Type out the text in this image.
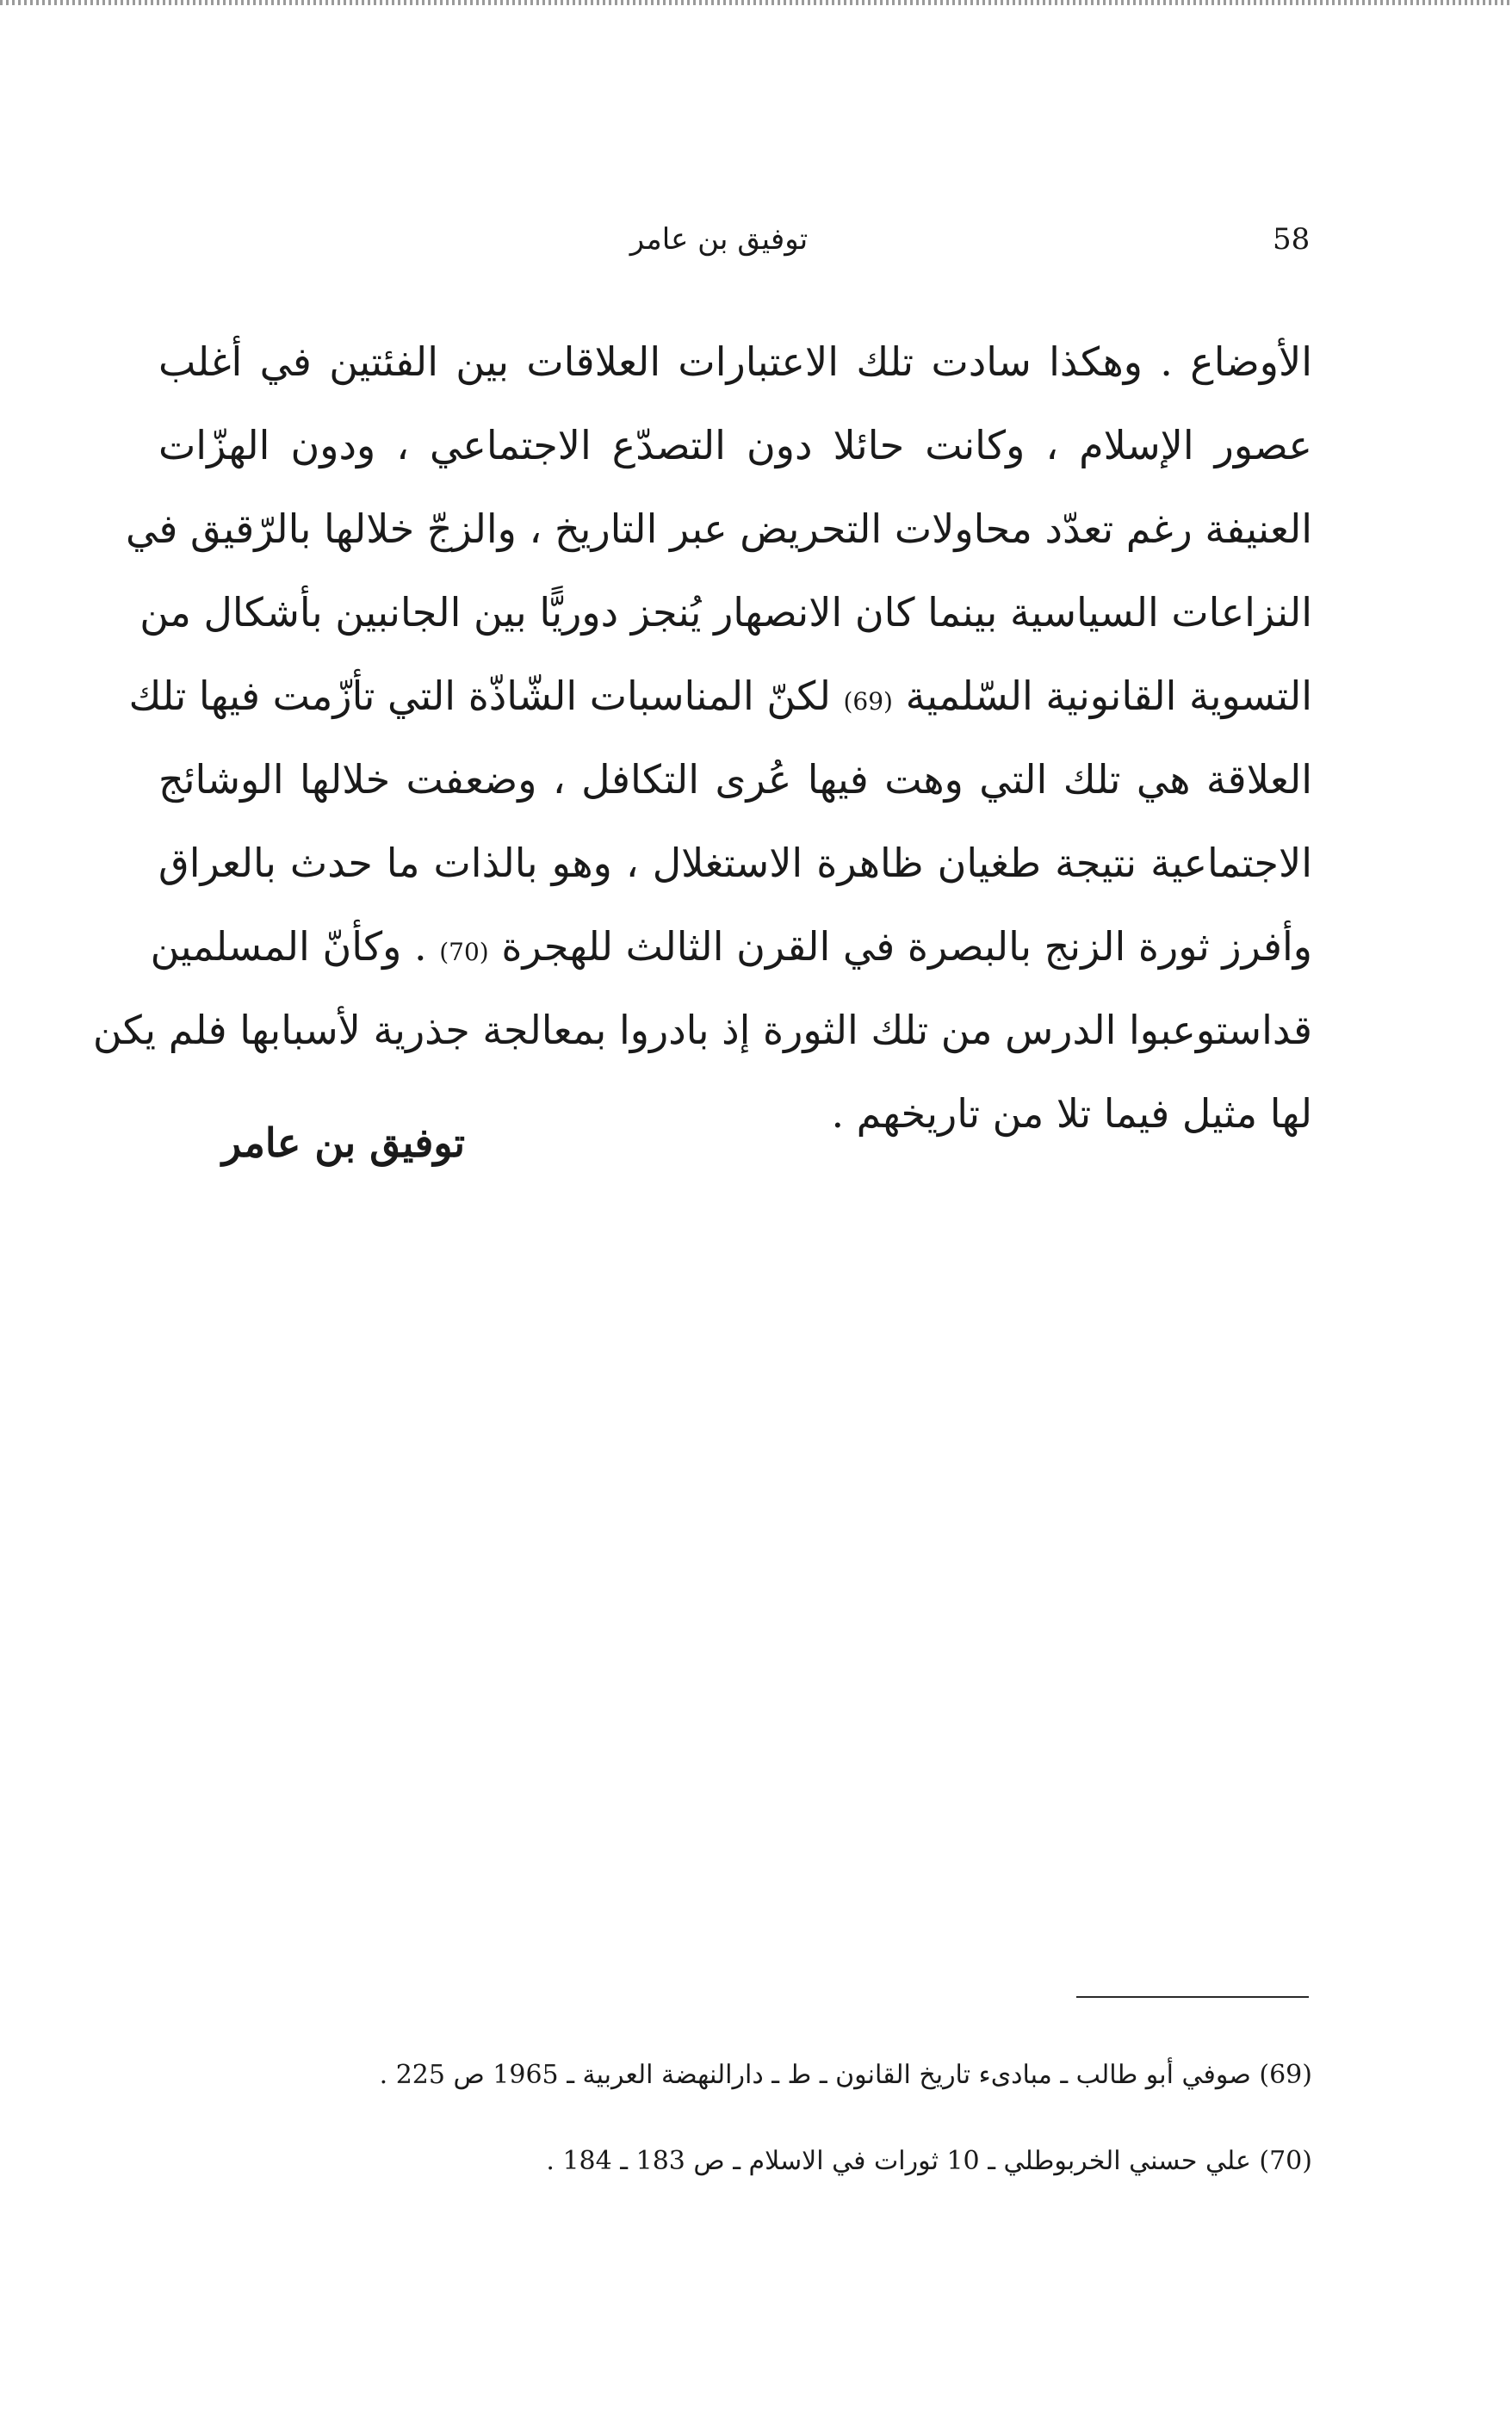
58
توفيق بن عامر
الأوضاع . وهكذا سادت تلك الاعتبارات العلاقات بين الفئتين في أغلب
عصور الإسلام ، وكانت حائلا دون التصدّع الاجتماعي ، ودون الهزّات
العنيفة رغم تعدّد محاولات التحريض عبر التاريخ ، والزجّ خلالها بالرّقيق في
النزاعات السياسية بينما كان الانصهار يُنجز دوريًّا بين الجانبين بأشكال من
التسوية القانونية السّلمية (69) لكنّ المناسبات الشّاذّة التي تأزّمت فيها تلك
العلاقة هي تلك التي وهت فيها عُرى التكافل ، وضعفت خلالها الوشائج
الاجتماعية نتيجة طغيان ظاهرة الاستغلال ، وهو بالذات ما حدث بالعراق
وأفرز ثورة الزنج بالبصرة في القرن الثالث للهجرة (70) . وكأنّ المسلمين
قداستوعبوا الدرس من تلك الثورة إذ بادروا بمعالجة جذرية لأسبابها فلم يكن
لها مثيل فيما تلا من تاريخهم .
توفيق بن عامر
(69) صوفي أبو طالب ـ مبادىء تاريخ القانون ـ ط ـ دارالنهضة العربية ـ 1965 ص 225 .
(70) علي حسني الخربوطلي ـ 10 ثورات في الاسلام ـ ص 183 ـ 184 .
